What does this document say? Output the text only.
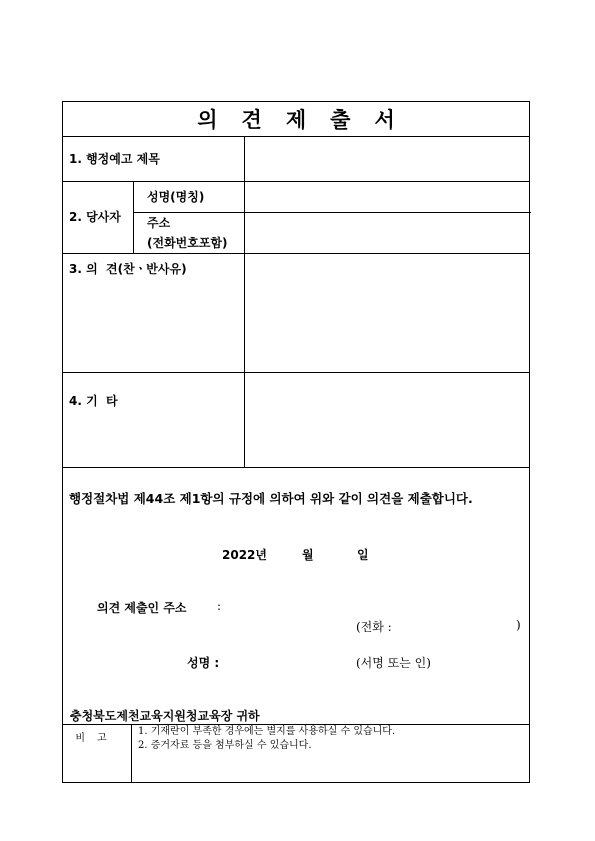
의 견 제 출 서
1. 행정예고 제목
2. 당사자
성명(명칭)
주소
(전화번호포함)
3. 의  견(찬ㆍ반사유)
4. 기  타
행정절차법 제44조 제1항의 규정에 의하여 위와 같이 의견을 제출합니다.
2022년	월	일
의견 제출인 주소	:
(전화 :	)
성명 :	(서명 또는 인)
충청북도제천교육지원청교육장 귀하
비고
1. 기재란이 부족한 경우에는 별지를 사용하실 수 있습니다.
2. 증거자료 등을 첨부하실 수 있습니다.
